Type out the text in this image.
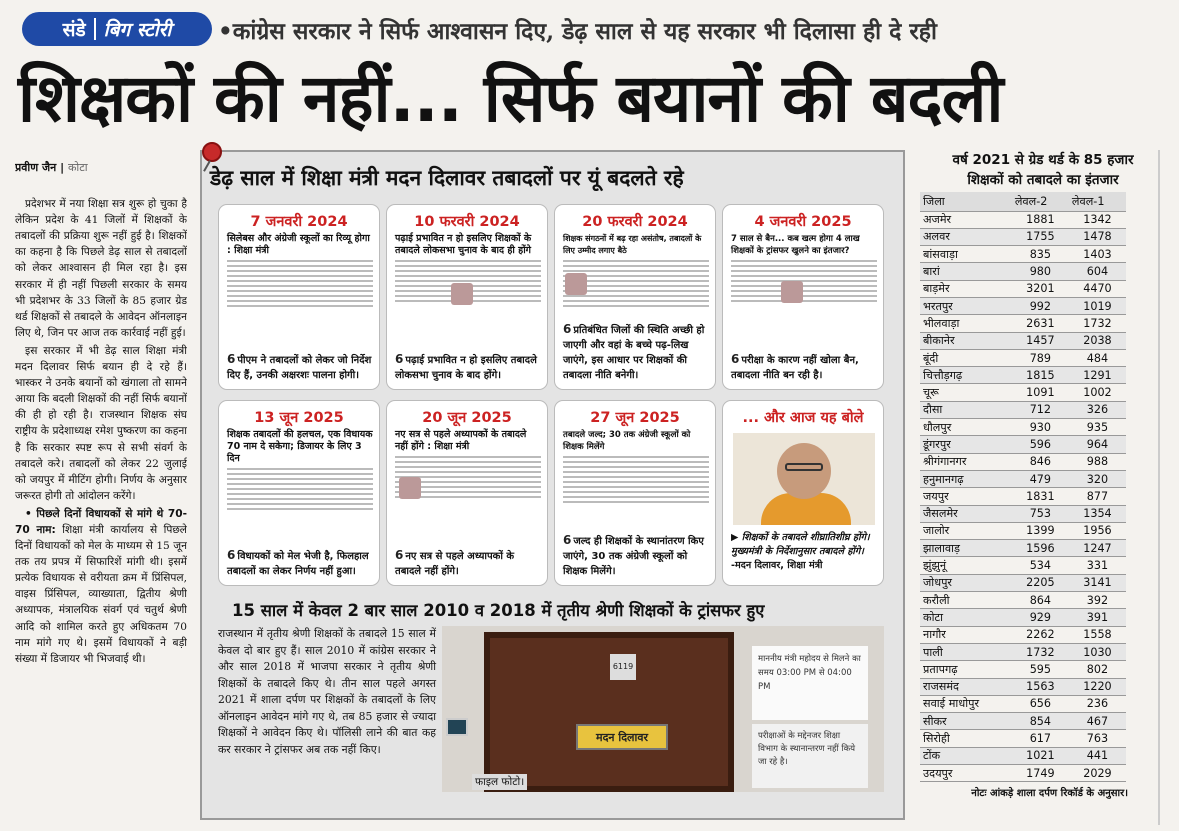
संडे बिग स्टोरी •कांग्रेस सरकार ने सिर्फ आश्वासन दिए, डेढ़ साल से यह सरकार भी दिलासा ही दे रही
शिक्षकों की नहीं... सिर्फ बयानों की बदली
प्रवीण जैन | कोटा

प्रदेशभर में नया शिक्षा सत्र शुरू हो चुका है लेकिन प्रदेश के 41 जिलों में शिक्षकों के तबादलों की प्रक्रिया शुरू नहीं हुई है। शिक्षकों का कहना है कि पिछले डेढ़ साल से तबादलों को लेकर आश्वासन ही मिल रहा है। इस सरकार में ही नहीं पिछली सरकार के समय भी प्रदेशभर के 33 जिलों के 85 हजार ग्रेड थर्ड शिक्षकों से तबादले के आवेदन ऑनलाइन लिए थे, जिन पर आज तक कार्रवाई नहीं हुई।

इस सरकार में भी डेढ़ साल शिक्षा मंत्री मदन दिलावर सिर्फ बयान ही दे रहे हैं। भास्कर ने उनके बयानों को खंगाला तो सामने आया कि बदली शिक्षकों की नहीं सिर्फ बयानों की ही हो रही है। राजस्थान शिक्षक संघ राष्ट्रीय के प्रदेशाध्यक्ष रमेश पुष्करण का कहना है कि सरकार स्पष्ट रूप से सभी संवर्ग के तबादले करे। तबादलों को लेकर 22 जुलाई को जयपुर में मीटिंग होगी। निर्णय के अनुसार जरूरत होगी तो आंदोलन करेंगे।

• पिछले दिनों विधायकों से मांगे थे 70-70 नाम: शिक्षा मंत्री कार्यालय से पिछले दिनों विधायकों को मेल के माध्यम से 15 जून तक तय प्रपत्र में सिफारिशें मांगी थी। इसमें प्रत्येक विधायक से वरीयता क्रम में प्रिंसिपल, वाइस प्रिंसिपल, व्याख्याता, द्वितीय श्रेणी अध्यापक, मंत्रालयिक संवर्ग एवं चतुर्थ श्रेणी आदि को शामिल करते हुए अधिकतम 70 नाम मांगे गए थे। इसमें विधायकों ने बड़ी संख्या में डिजायर भी भिजवाई थी।

डेढ़ साल में शिक्षा मंत्री मदन दिलावर तबादलों पर यूं बदलते रहे
7 जनवरी 2024
सिलेबस और अंग्रेजी स्कूलों का रिव्यू होगा : शिक्षा मंत्री
6 पीएम ने तबादलों को लेकर जो निर्देश दिए हैं, उनकी अक्षरशः पालना होगी।
10 फरवरी 2024
पढ़ाई प्रभावित न हो इसलिए शिक्षकों के तबादले लोकसभा चुनाव के बाद ही होंगे
6 पढ़ाई प्रभावित न हो इसलिए तबादले लोकसभा चुनाव के बाद होंगे।
20 फरवरी 2024
शिक्षक संगठनों में बढ़ रहा असंतोष, तबादलों के लिए उम्मीद लगाए बैठे
6 प्रतिबंधित जिलों की स्थिति अच्छी हो जाएगी और वहां के बच्चे पढ़-लिख जाएंगे, इस आधार पर शिक्षकों की तबादला नीति बनेगी।
4 जनवरी 2025
7 साल से बैन... कब खत्म होगा 4 लाख शिक्षकों के ट्रांसफर खुलने का इंतजार?
6 परीक्षा के कारण नहीं खोला बैन, तबादला नीति बन रही है।
13 जून 2025
शिक्षक तबादलों की हलचल, एक विधायक 70 नाम दे सकेगा; डिजायर के लिए 3 दिन
6 विधायकों को मेल भेजी है, फिलहाल तबादलों का लेकर निर्णय नहीं हुआ।
20 जून 2025
नए सत्र से पहले अध्यापकों के तबादले नहीं होंगे : शिक्षा मंत्री
6 नए सत्र से पहले अध्यापकों के तबादले नहीं होंगे।
27 जून 2025
तबादले जल्द; 30 तक अंग्रेजी स्कूलों को शिक्षक मिलेंगे
6 जल्द ही शिक्षकों के स्थानांतरण किए जाएंगे, 30 तक अंग्रेजी स्कूलों को शिक्षक मिलेंगे।
... और आज यह बोले
▶ शिक्षकों के तबादले शीघ्रातिशीघ्र होंगे। मुख्यमंत्री के निर्देशानुसार तबादले होंगे।
-मदन दिलावर, शिक्षा मंत्री
15 साल में केवल 2 बार साल 2010 व 2018 में तृतीय श्रेणी शिक्षकों के ट्रांसफर हुए
राजस्थान में तृतीय श्रेणी शिक्षकों के तबादले 15 साल में केवल दो बार हुए हैं। साल 2010 में कांग्रेस सरकार ने और साल 2018 में भाजपा सरकार ने तृतीय श्रेणी शिक्षकों के तबादले किए थे। तीन साल पहले अगस्त 2021 में शाला दर्पण पर शिक्षकों के तबादलों के लिए ऑनलाइन आवेदन मांगे गए थे, तब 85 हजार से ज्यादा शिक्षकों ने आवेदन किए थे। पॉलिसी लाने की बात कह कर सरकार ने ट्रांसफर अब तक नहीं किए।
6119
मदन दिलावर
माननीय मंत्री महोदय से मिलने का समय 03:00 PM से 04:00 PM
परीक्षाओं के मद्देनजर शिक्षा विभाग के स्थानान्तरण नहीं किये जा रहे है।
फाइल फोटो।
वर्ष 2021 से ग्रेड थर्ड के 85 हजार
शिक्षकों को तबादले का इंतजार
जिला	लेवल-2	लेवल-1
अजमेर	1881	1342
अलवर	1755	1478
बांसवाड़ा	835	1403
बारां	980	604
बाड़मेर	3201	4470
भरतपुर	992	1019
भीलवाड़ा	2631	1732
बीकानेर	1457	2038
बूंदी	789	484
चित्तौड़गढ़	1815	1291
चूरू	1091	1002
दौसा	712	326
धौलपुर	930	935
डूंगरपुर	596	964
श्रीगंगानगर	846	988
हनुमानगढ़	479	320
जयपुर	1831	877
जैसलमेर	753	1354
जालोर	1399	1956
झालावाड़	1596	1247
झुंझुनूं	534	331
जोधपुर	2205	3141
करौली	864	392
कोटा	929	391
नागौर	2262	1558
पाली	1732	1030
प्रतापगढ़	595	802
राजसमंद	1563	1220
सवाई माधोपुर	656	236
सीकर	854	467
सिरोही	617	763
टोंक	1021	441
उदयपुर	1749	2029
नोटः आंकड़े शाला दर्पण रिकॉर्ड के अनुसार।
